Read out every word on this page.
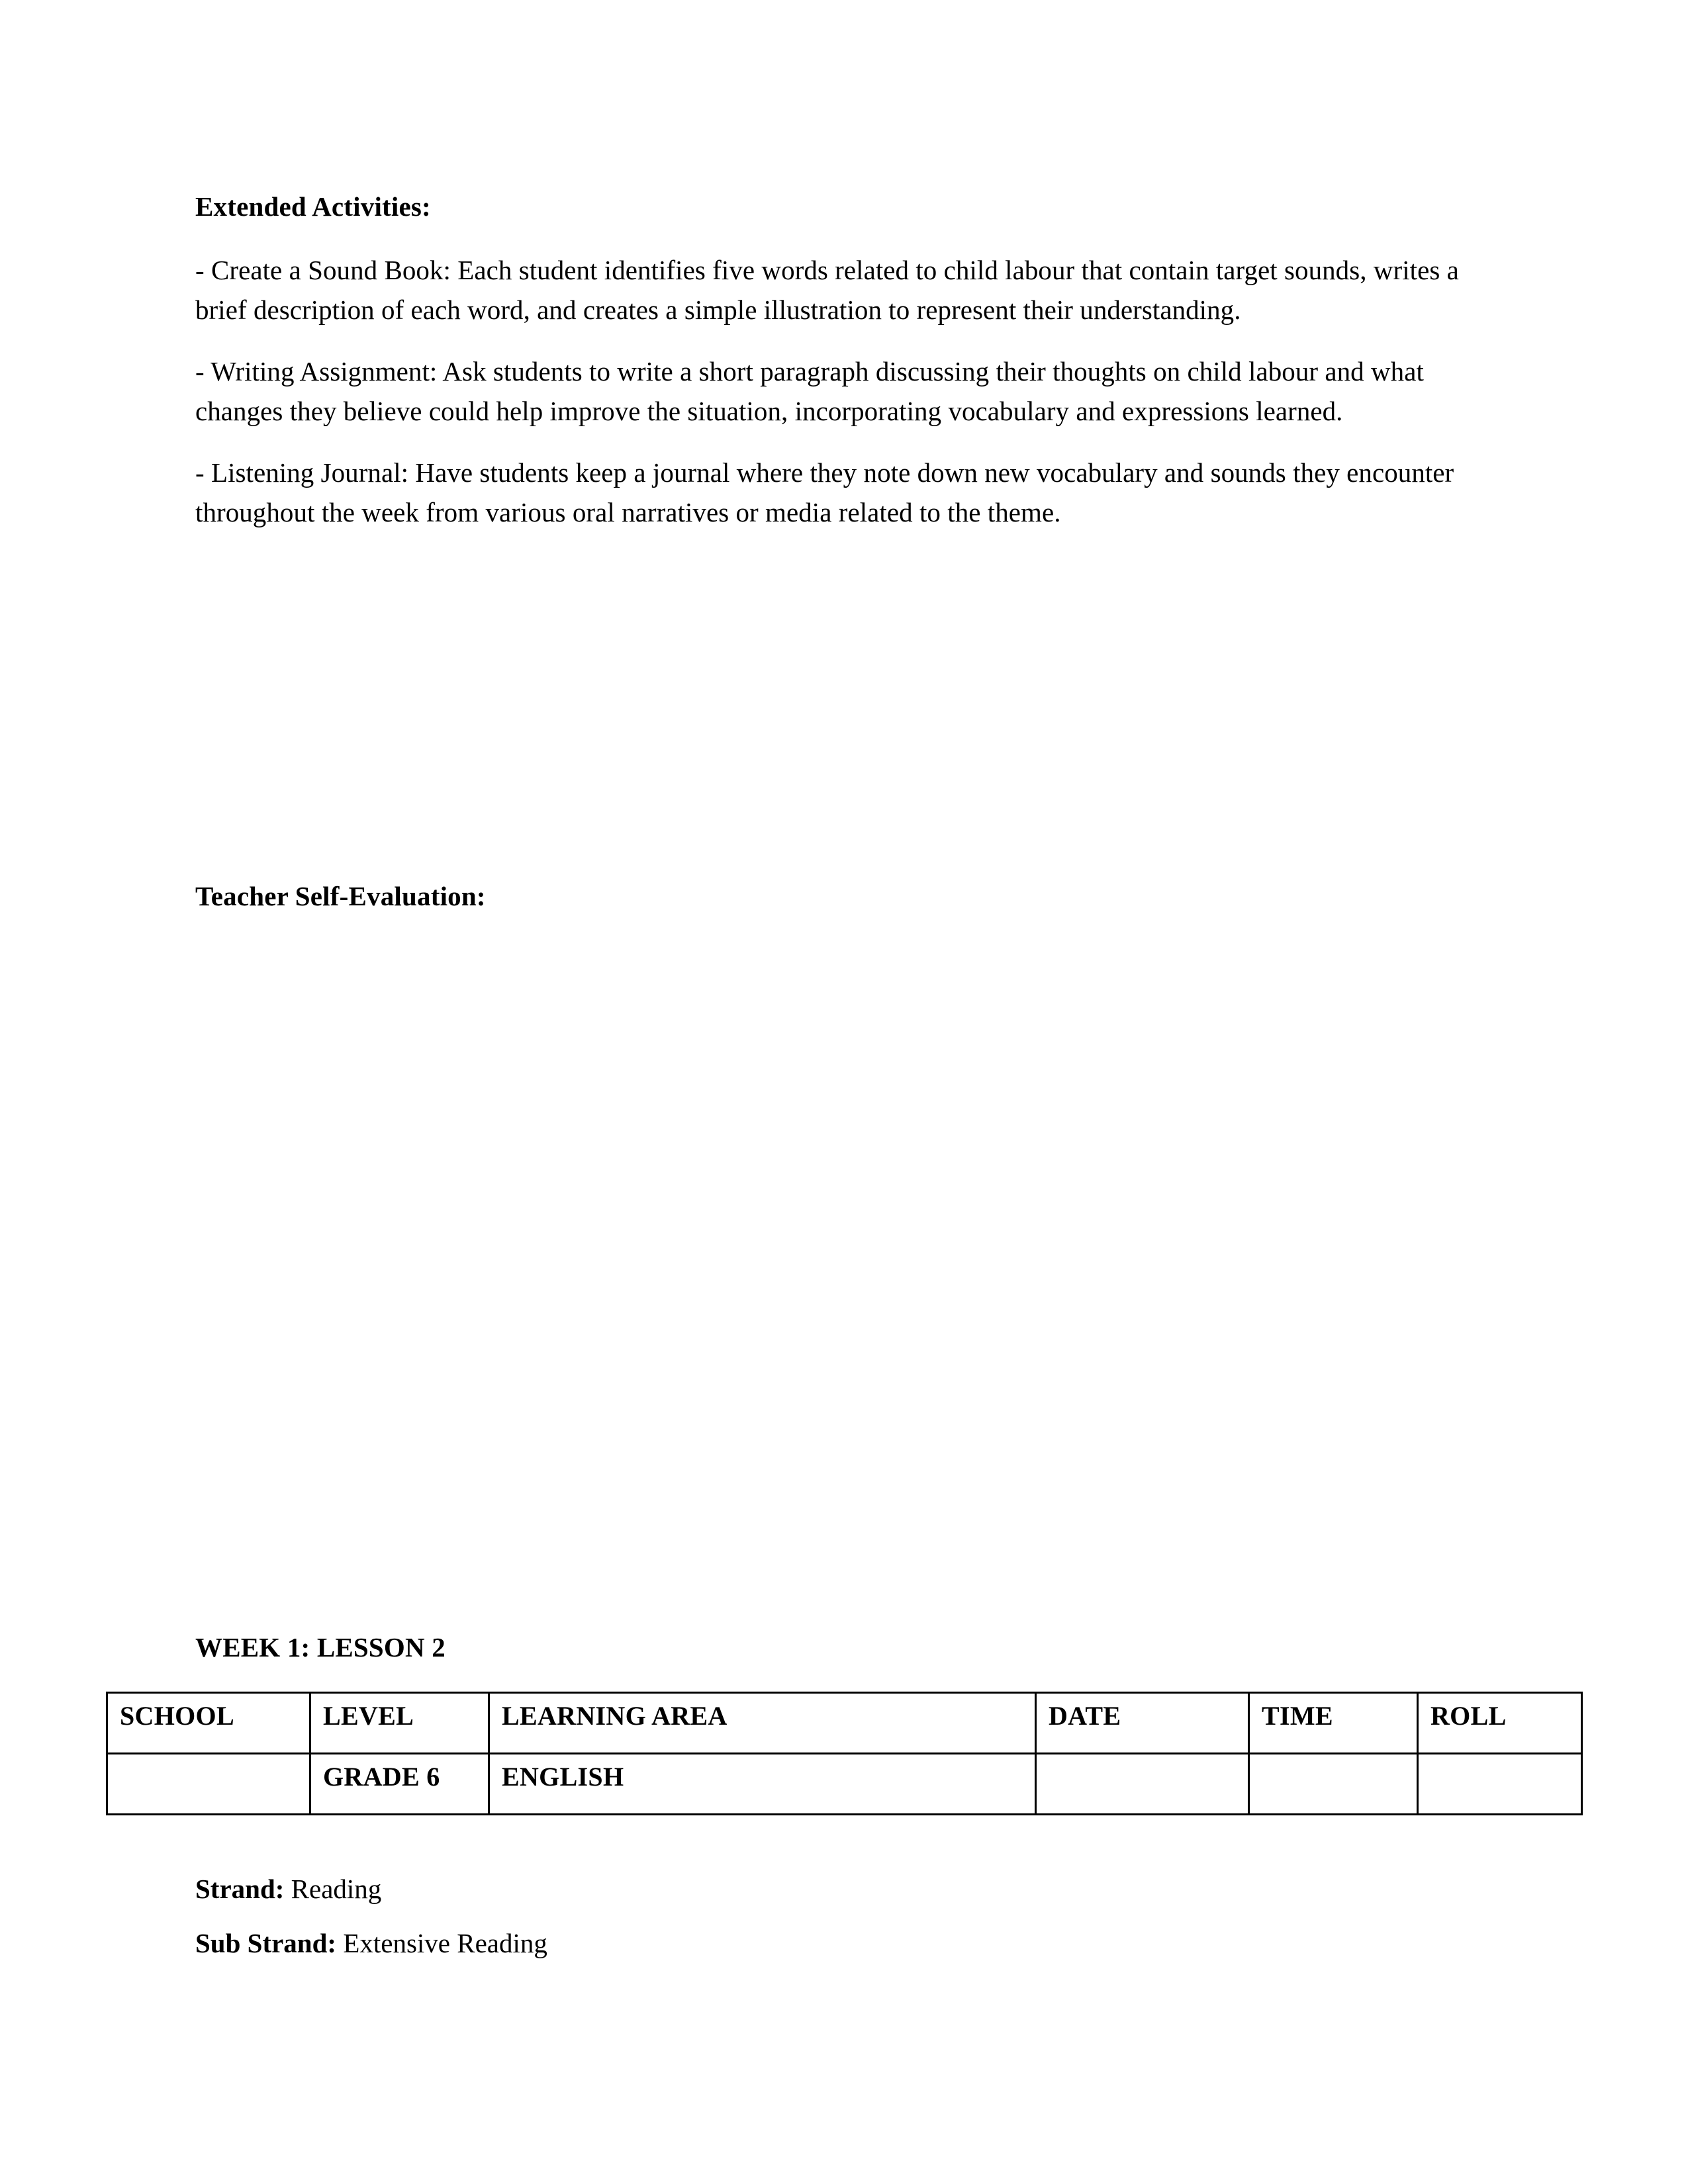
Extended Activities:

- Create a Sound Book: Each student identifies five words related to child labour that contain target sounds, writes a brief description of each word, and creates a simple illustration to represent their understanding.

- Writing Assignment: Ask students to write a short paragraph discussing their thoughts on child labour and what changes they believe could help improve the situation, incorporating vocabulary and expressions learned.

- Listening Journal: Have students keep a journal where they note down new vocabulary and sounds they encounter throughout the week from various oral narratives or media related to the theme.

Teacher Self-Evaluation:

WEEK 1: LESSON 2

SCHOOL	LEVEL	LEARNING AREA	DATE	TIME	ROLL
	GRADE 6	ENGLISH			

Strand: Reading

Sub Strand: Extensive Reading
